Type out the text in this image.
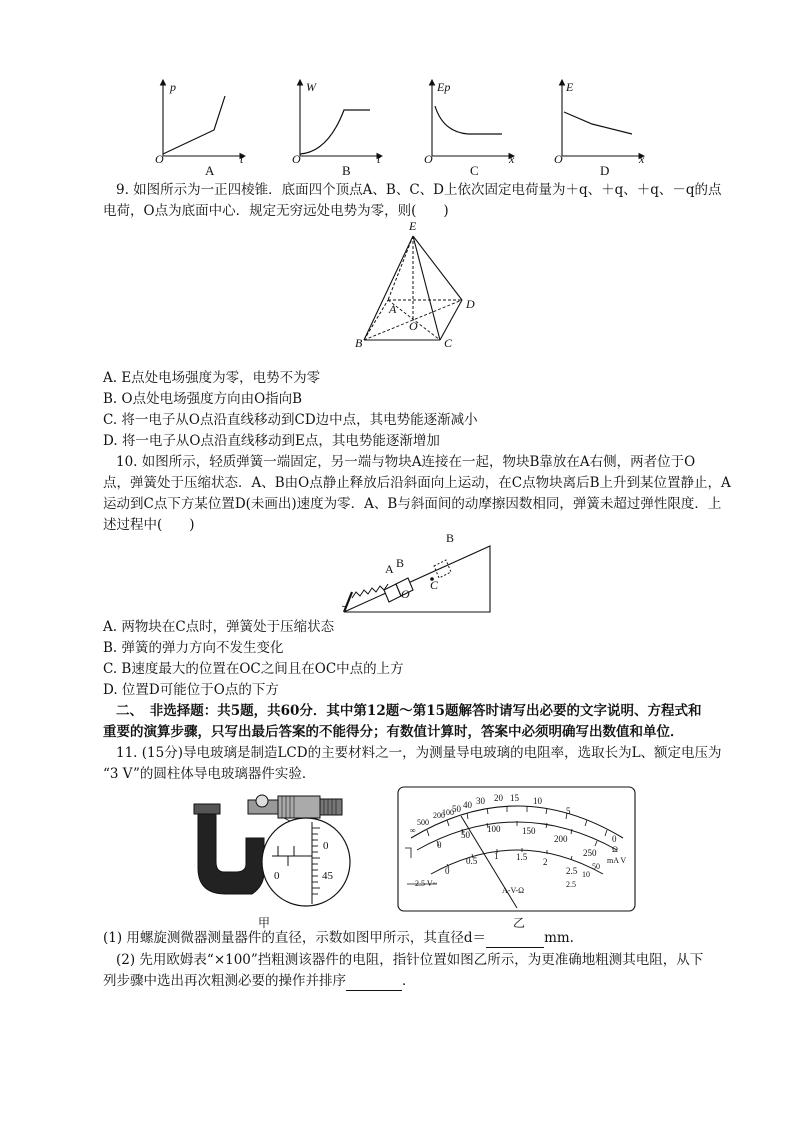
p
t
O
A
W
t
O
B
Ep
x
O
C
E
x
O
D
9. 如图所示为一正四棱锥．底面四个顶点A、B、C、D上依次固定电荷量为＋q、＋q、＋q、－q的点
电荷，O点为底面中心．规定无穷远处电势为零，则(　　)
E
A
B	C
D
O
A. E点处电场强度为零，电势不为零
B. O点处电场强度方向由O指向B
C. 将一电子从O点沿直线移动到CD边中点，其电势能逐渐减小
D. 将一电子从O点沿直线移动到E点，其电势能逐渐增加
10. 如图所示，轻质弹簧一端固定，另一端与物块A连接在一起，物块B靠放在A右侧，两者位于O
点，弹簧处于压缩状态．A、B由O点静止释放后沿斜面向上运动，在C点物块离后B上升到某位置静止，A
运动到C点下方某位置D(未画出)速度为零．A、B与斜面间的动摩擦因数相同，弹簧未超过弹性限度．上
述过程中(　　)
A B
B
O
C
A. 两物块在C点时，弹簧处于压缩状态
B. 弹簧的弹力方向不发生变化
C. B速度最大的位置在OC之间且在OC中点的上方
D. 位置D可能位于O点的下方
二、　非选择题：共5题，共60分．其中第12题～第15题解答时请写出必要的文字说明、方程式和
重要的演算步骤，只写出最后答案的不能得分；有数值计算时，答案中必须明确写出数值和单位．
11. (15分)导电玻璃是制造LCD的主要材料之一，为测量导电玻璃的电阻率，选取长为L、额定电压为
“3 V”的圆柱体导电玻璃器件实验．
0
45
0
甲
∞
500
200
100
50 40 30 20 15 10
5
0
0
50
100 150
200
250
0
0.5 1 1.5 2
2.5
A-V-Ω
2.5 V~
Ω
mA V
10
50
2.5
乙
(1) 用螺旋测微器测量器件的直径，示数如图甲所示，其直径d＝	mm.
(2) 先用欧姆表“×100”挡粗测该器件的电阻，指针位置如图乙所示，为更准确地粗测其电阻，从下
列步骤中选出再次粗测必要的操作并排序	．
